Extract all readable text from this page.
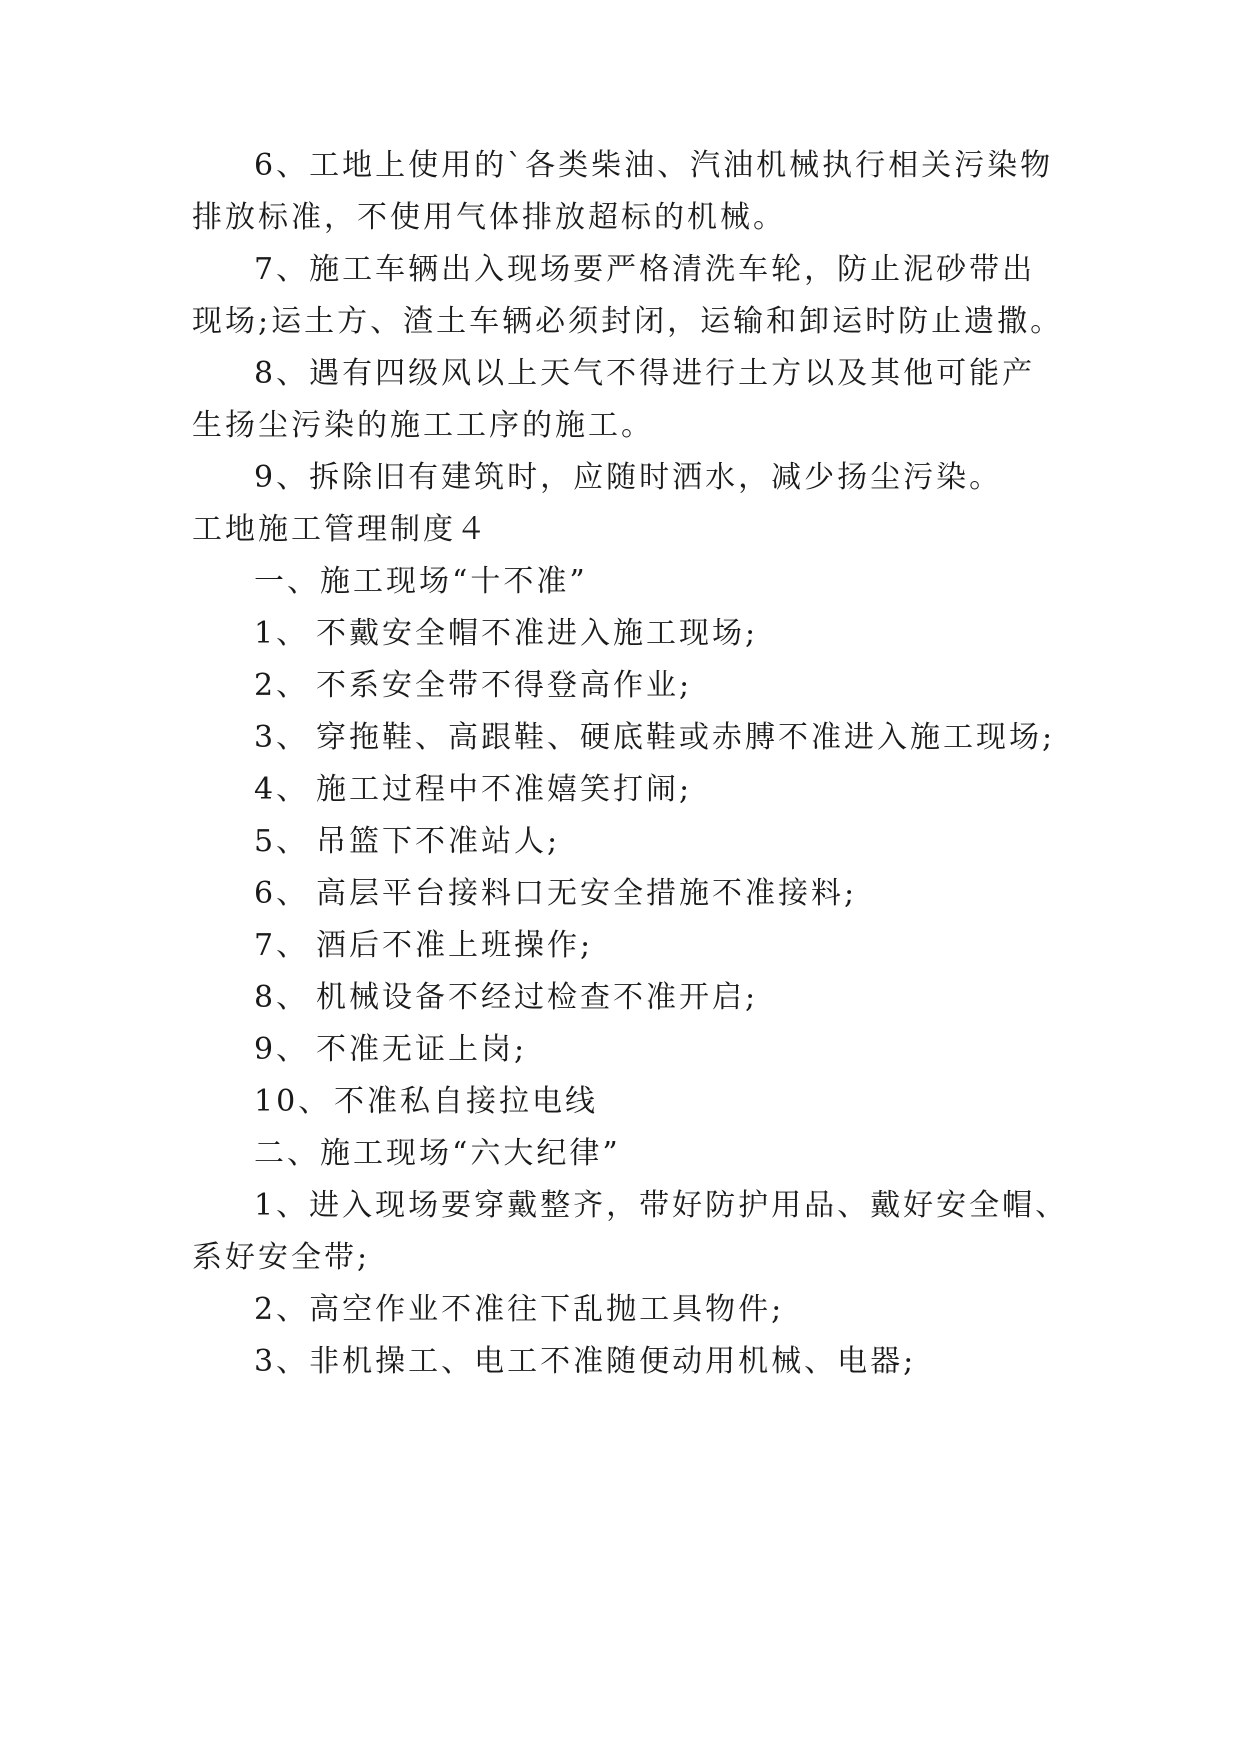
6、工地上使用的`各类柴油、汽油机械执行相关污染物
排放标准，不使用气体排放超标的机械。
7、施工车辆出入现场要严格清洗车轮，防止泥砂带出
现场;运土方、渣土车辆必须封闭，运输和卸运时防止遗撒。
8、遇有四级风以上天气不得进行土方以及其他可能产
生扬尘污染的施工工序的施工。
9、拆除旧有建筑时，应随时洒水，减少扬尘污染。
工地施工管理制度４
一、施工现场“十不准”
1、 不戴安全帽不准进入施工现场;
2、 不系安全带不得登高作业;
3、 穿拖鞋、高跟鞋、硬底鞋或赤膊不准进入施工现场;
4、 施工过程中不准嬉笑打闹;
5、 吊篮下不准站人;
6、 高层平台接料口无安全措施不准接料;
7、 酒后不准上班操作;
8、 机械设备不经过检查不准开启;
9、 不准无证上岗;
10、不准私自接拉电线
二、施工现场“六大纪律”
1、进入现场要穿戴整齐，带好防护用品、戴好安全帽、
系好安全带;
2、高空作业不准往下乱抛工具物件;
3、非机操工、电工不准随便动用机械、电器;
